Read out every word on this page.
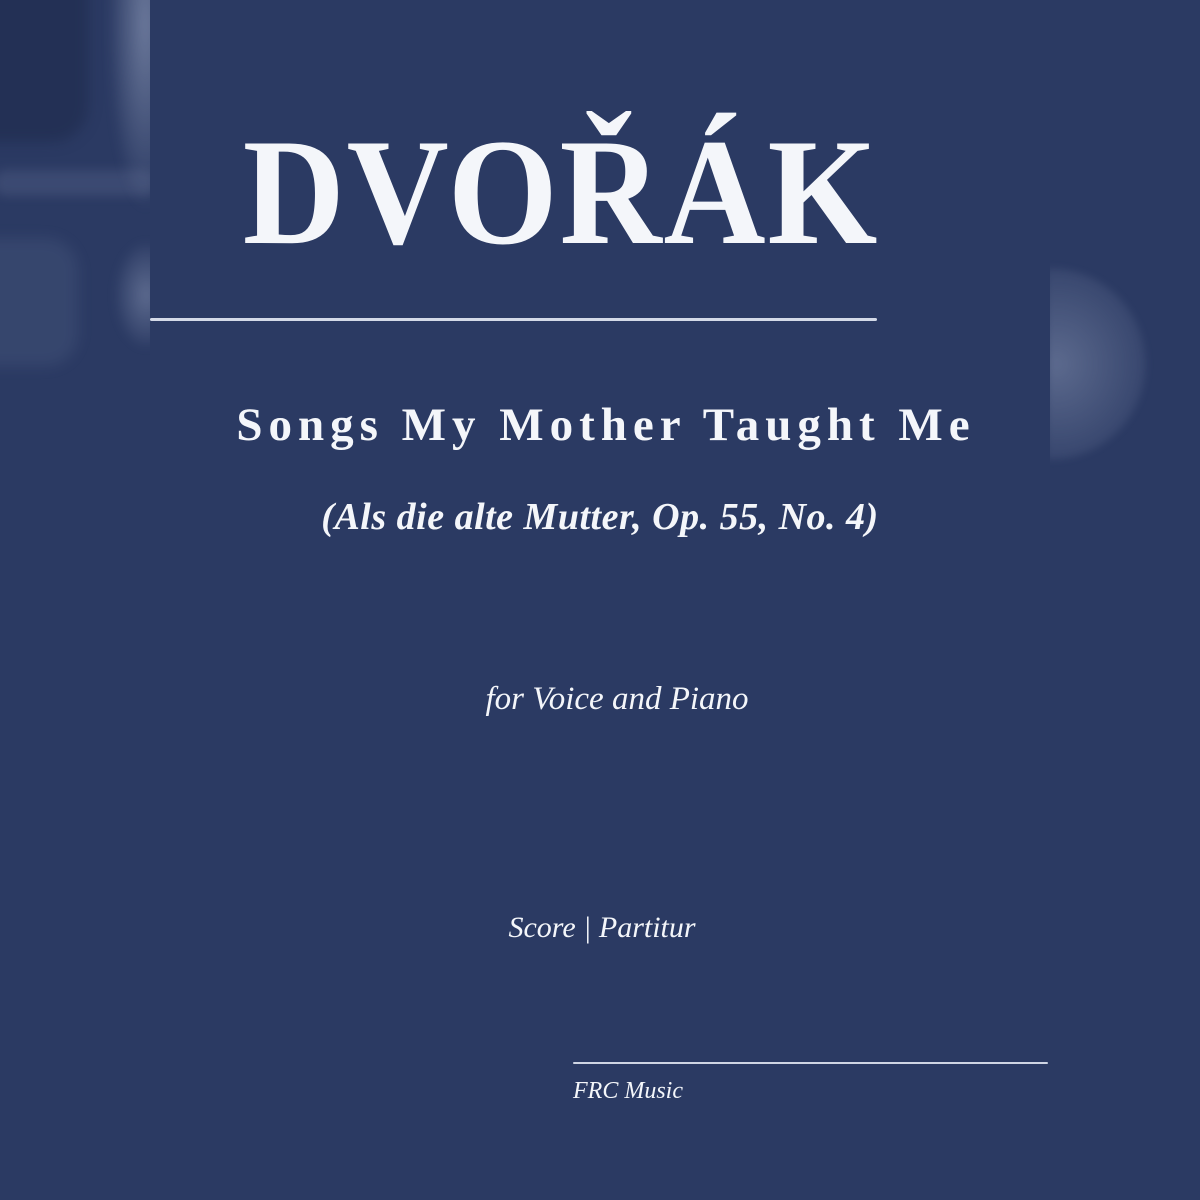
DVOŘÁK
Songs My Mother Taught Me
(Als die alte Mutter, Op. 55, No. 4)
for Voice and Piano
Score | Partitur
FRC Music
